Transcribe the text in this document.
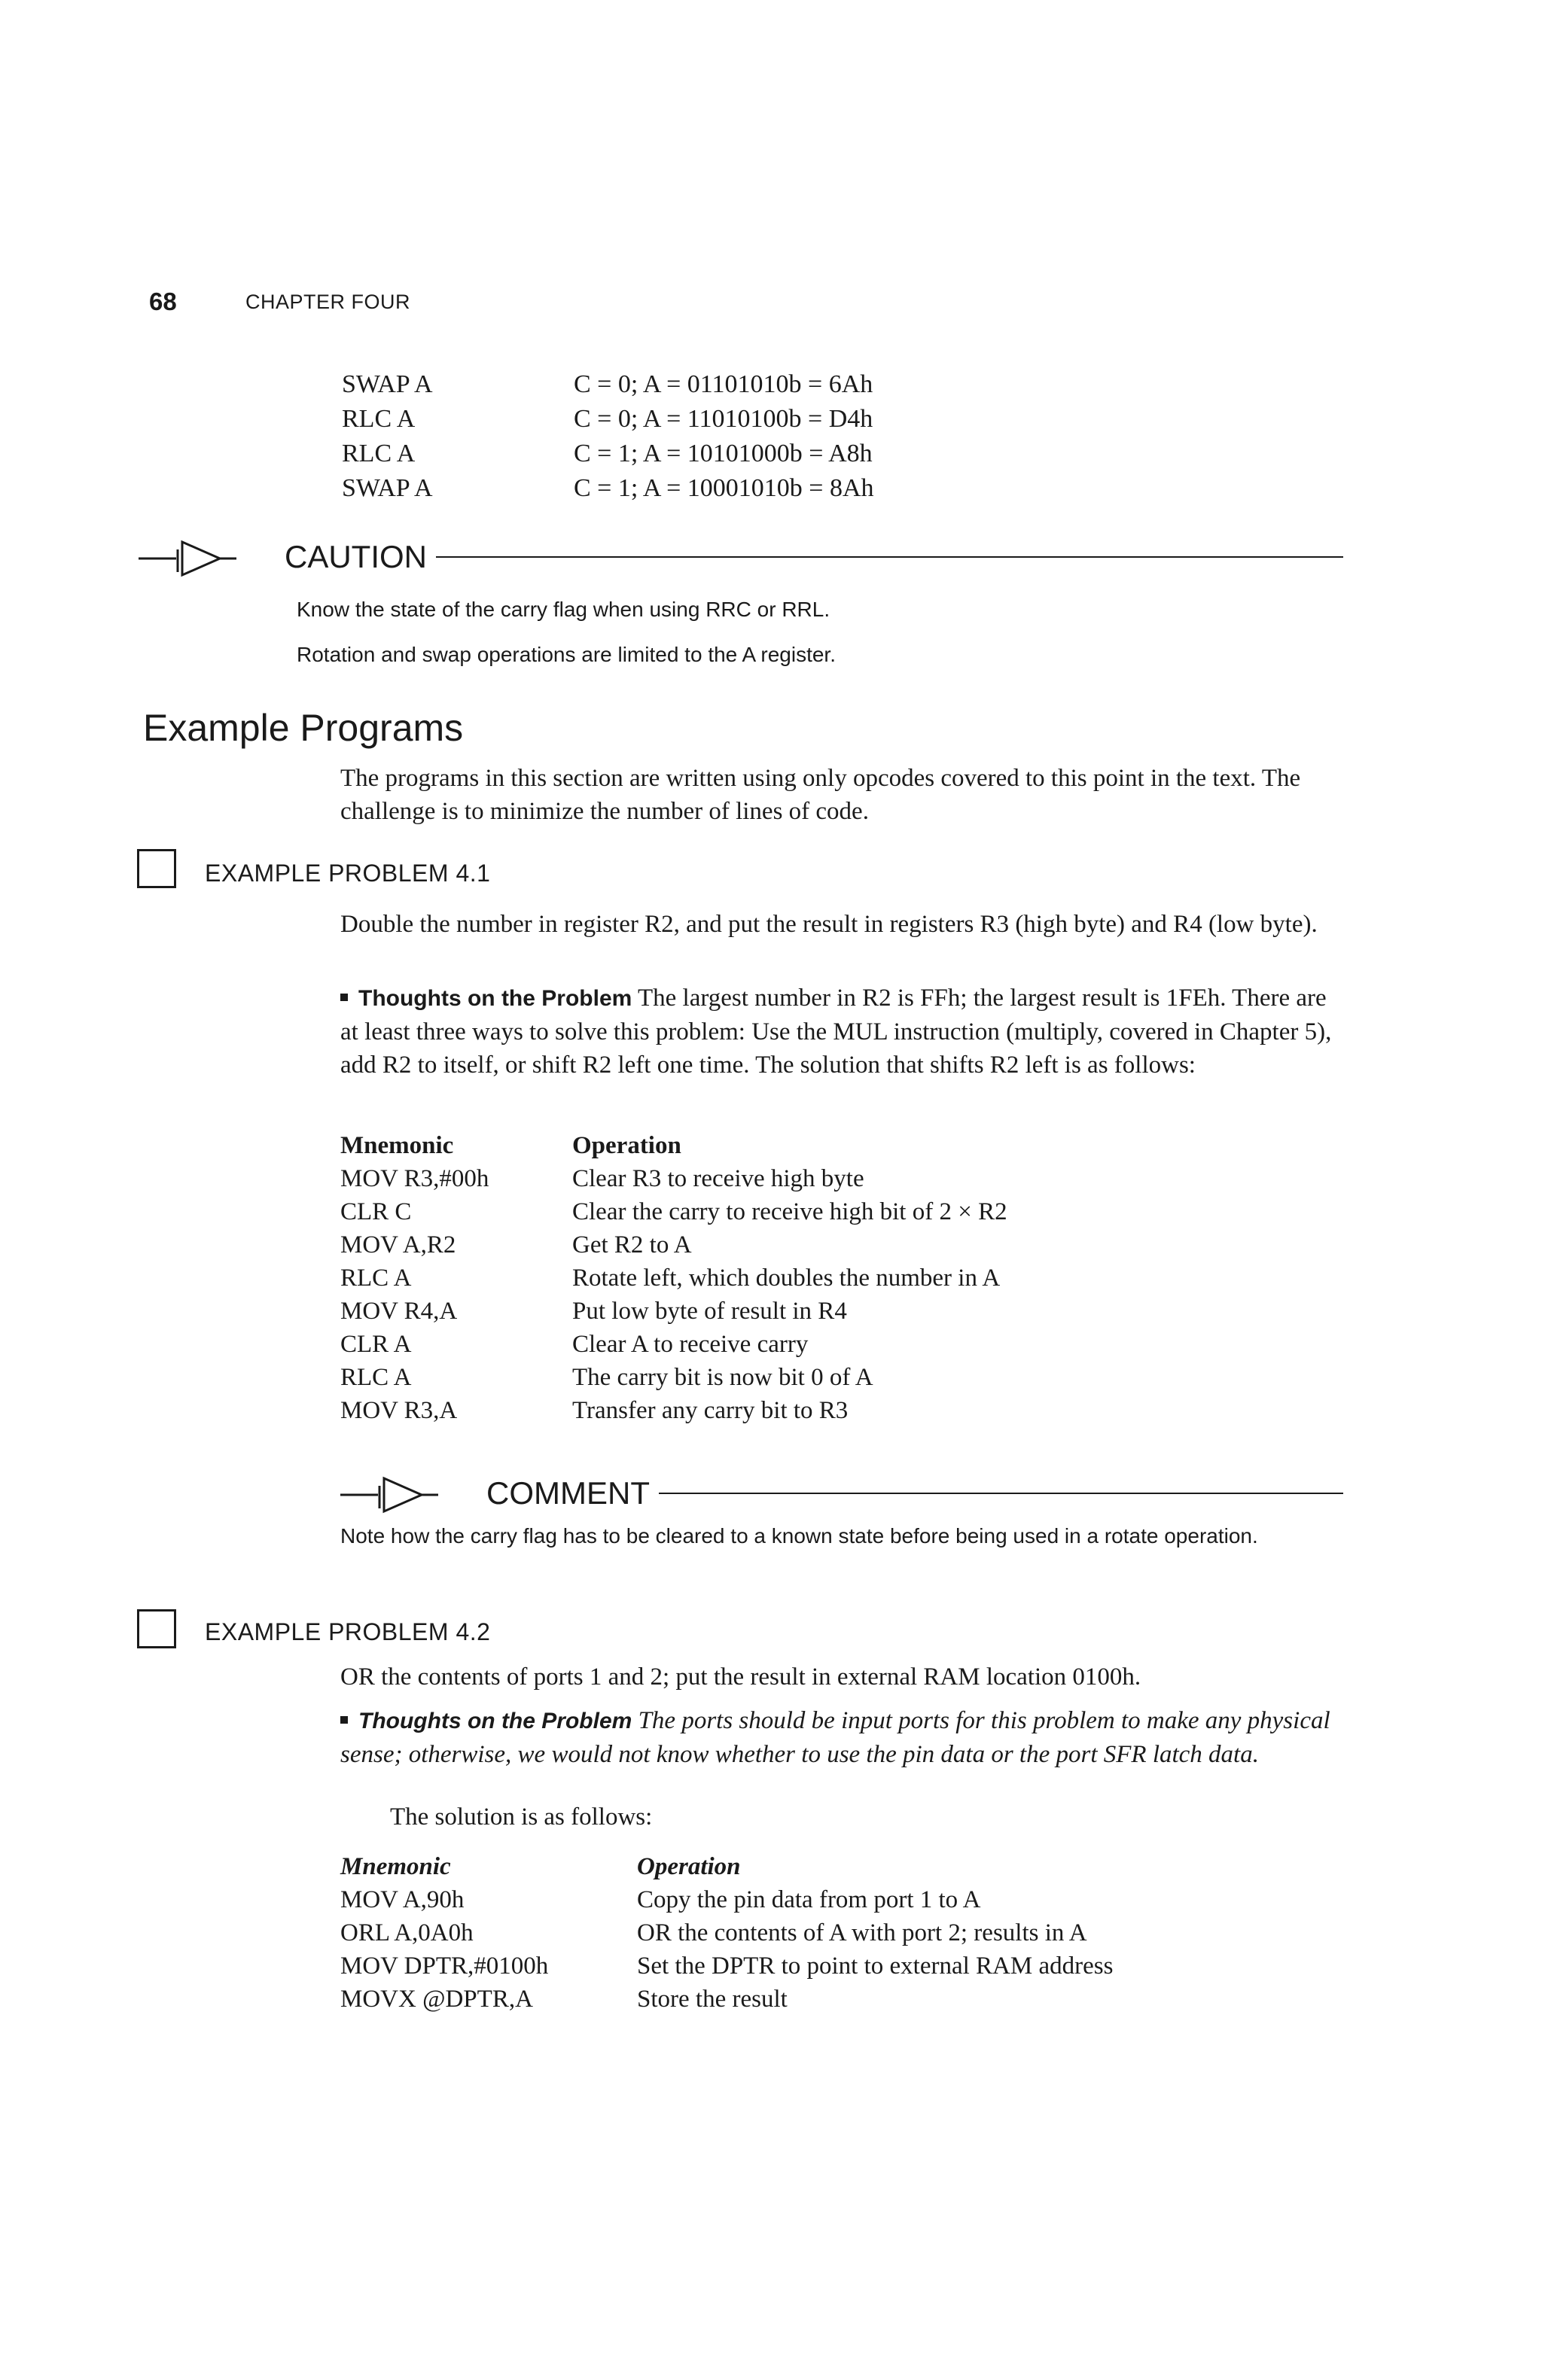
68	CHAPTER FOUR
SWAP A	C = 0; A = 01101010b = 6Ah
RLC A	C = 0; A = 11010100b = D4h
RLC A	C = 1; A = 10101000b = A8h
SWAP A	C = 1; A = 10001010b = 8Ah
CAUTION
Know the state of the carry flag when using RRC or RRL.
Rotation and swap operations are limited to the A register.
Example Programs
The programs in this section are written using only opcodes covered to this point in the text. The challenge is to minimize the number of lines of code.
EXAMPLE PROBLEM 4.1
Double the number in register R2, and put the result in registers R3 (high byte) and R4 (low byte).
Thoughts on the Problem The largest number in R2 is FFh; the largest result is 1FEh. There are at least three ways to solve this problem: Use the MUL instruction (multiply, covered in Chapter 5), add R2 to itself, or shift R2 left one time. The solution that shifts R2 left is as follows:
Mnemonic	Operation
MOV R3,#00h	Clear R3 to receive high byte
CLR C	Clear the carry to receive high bit of 2 × R2
MOV A,R2	Get R2 to A
RLC A	Rotate left, which doubles the number in A
MOV R4,A	Put low byte of result in R4
CLR A	Clear A to receive carry
RLC A	The carry bit is now bit 0 of A
MOV R3,A	Transfer any carry bit to R3
COMMENT
Note how the carry flag has to be cleared to a known state before being used in a rotate operation.
EXAMPLE PROBLEM 4.2
OR the contents of ports 1 and 2; put the result in external RAM location 0100h.
Thoughts on the Problem The ports should be input ports for this problem to make any physical sense; otherwise, we would not know whether to use the pin data or the port SFR latch data.
The solution is as follows:
Mnemonic	Operation
MOV A,90h	Copy the pin data from port 1 to A
ORL A,0A0h	OR the contents of A with port 2; results in A
MOV DPTR,#0100h	Set the DPTR to point to external RAM address
MOVX @DPTR,A	Store the result
